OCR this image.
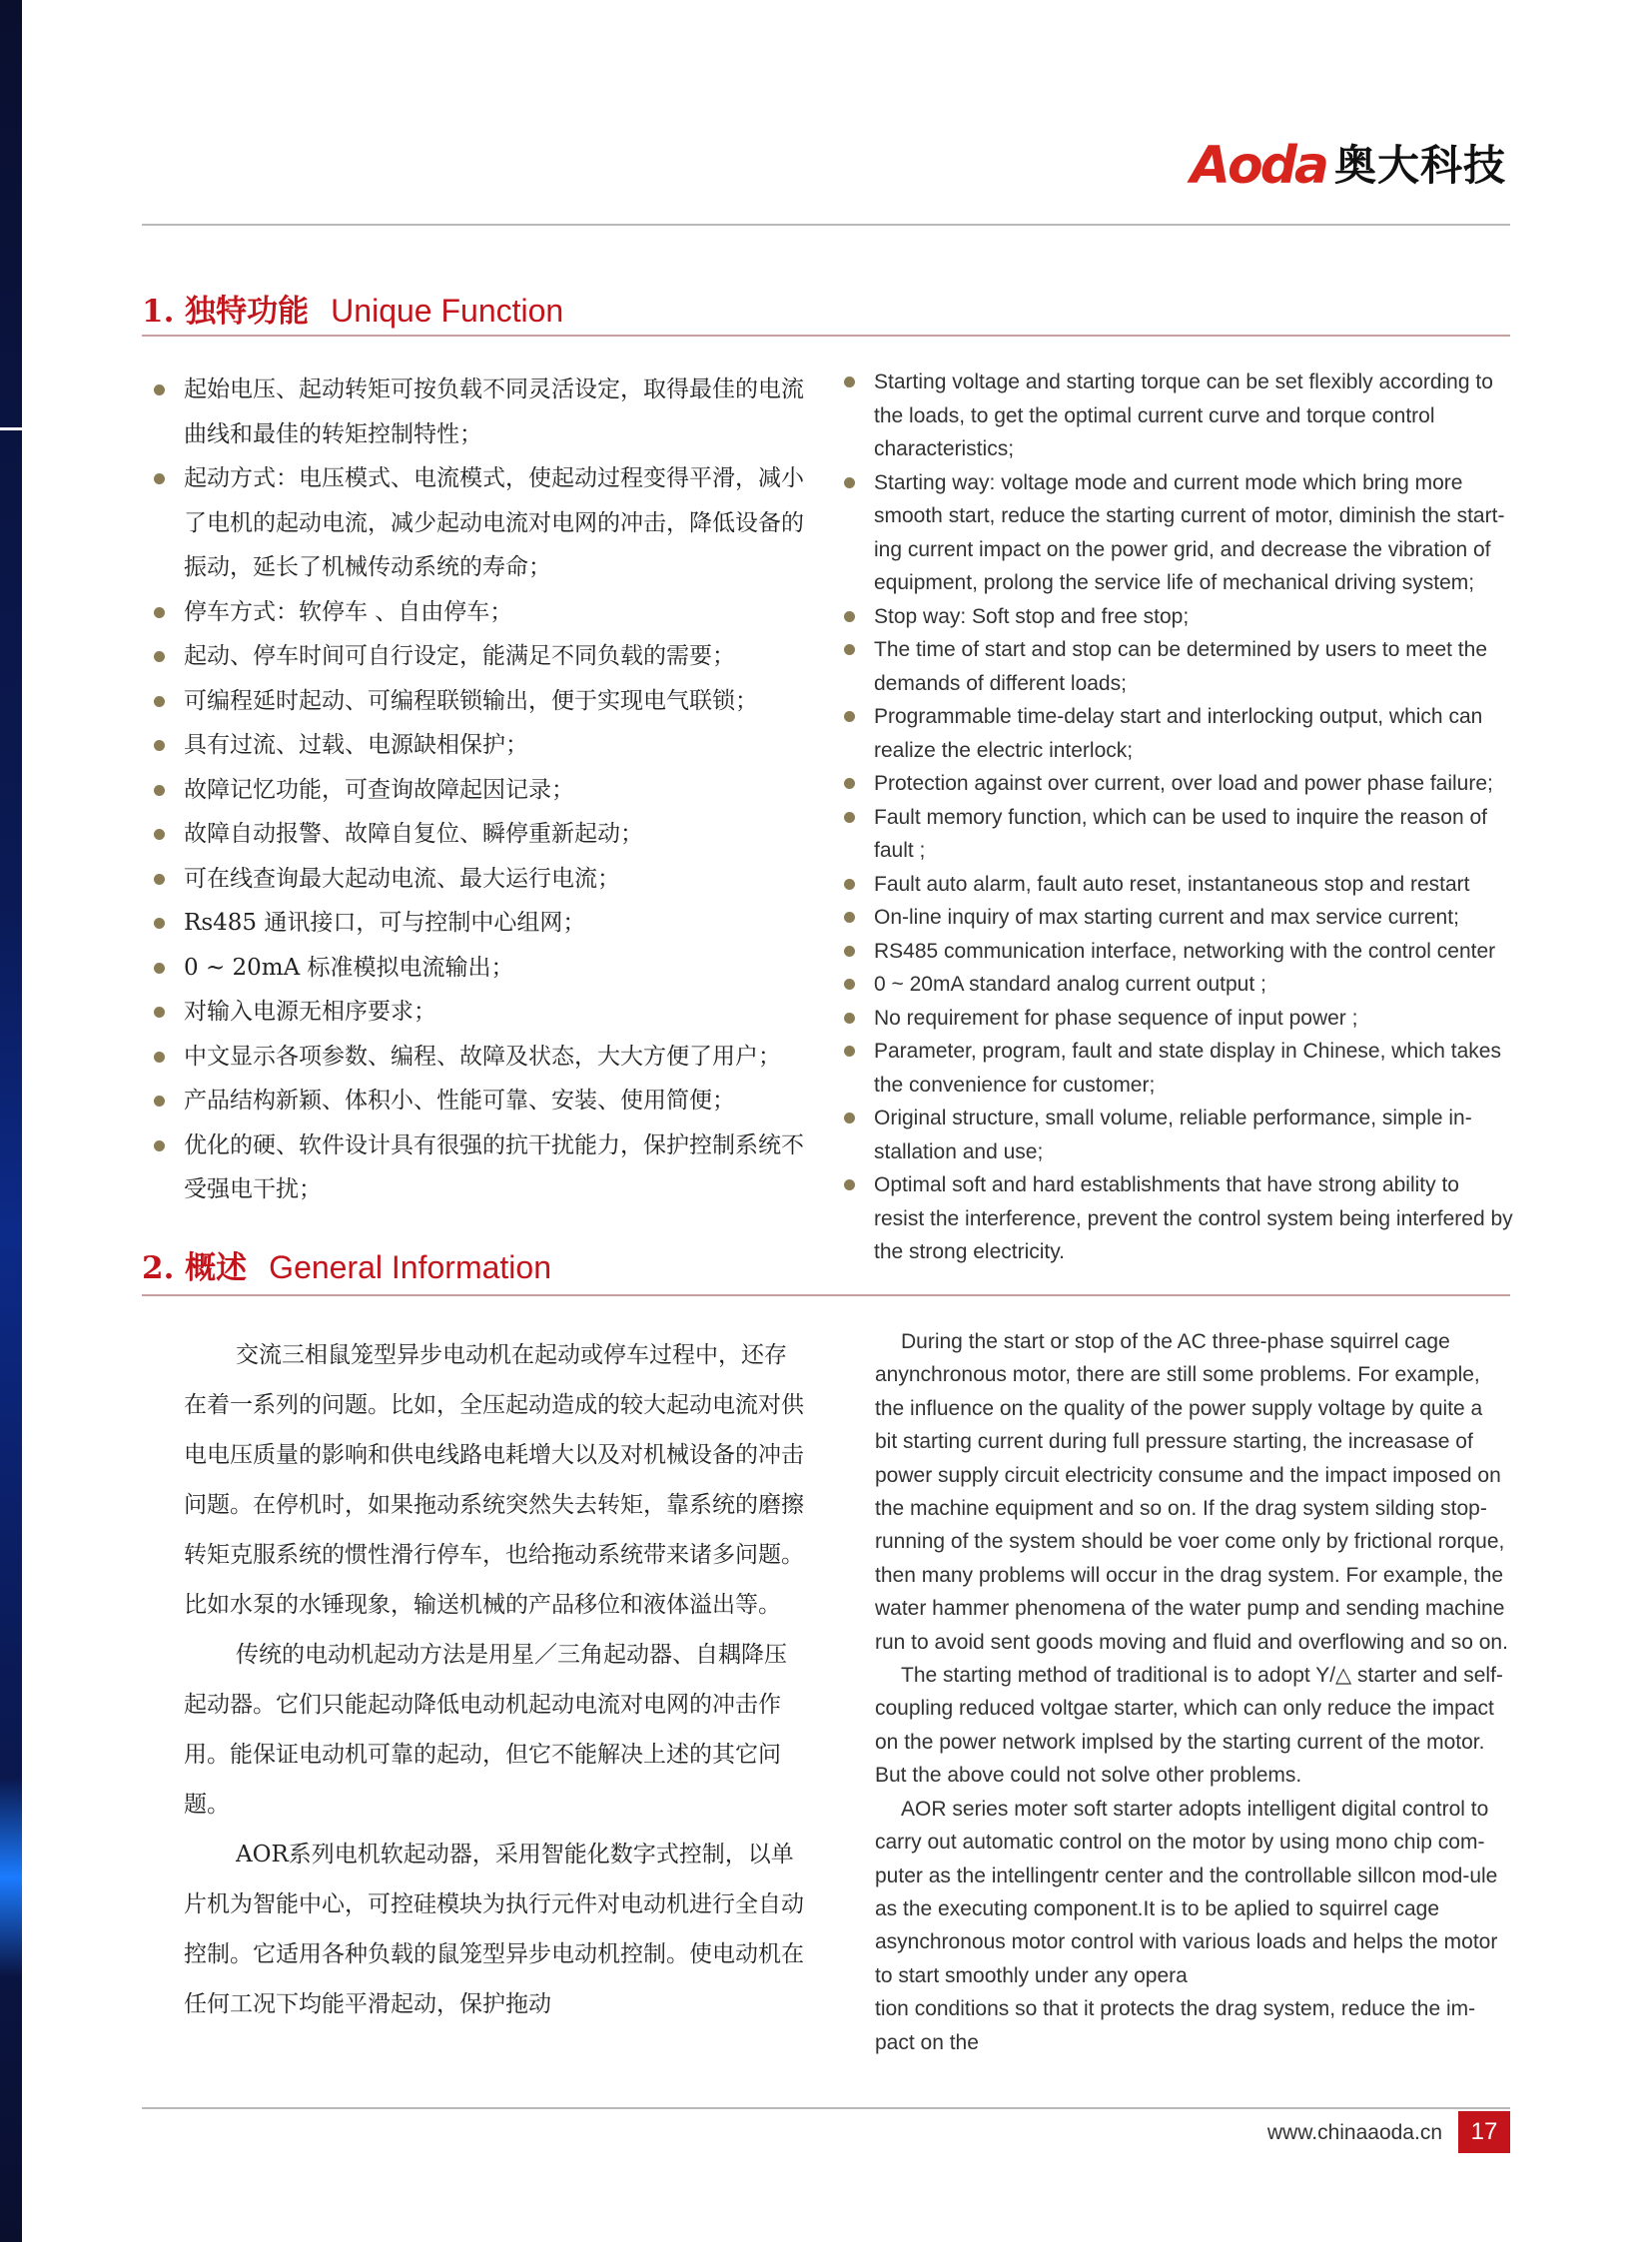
Aoda 奥大科技
1. 独特功能 Unique Function
起始电压、起动转矩可按负载不同灵活设定，取得最佳的电流曲线和最佳的转矩控制特性；
起动方式：电压模式、电流模式，使起动过程变得平滑，减小了电机的起动电流，减少起动电流对电网的冲击，降低设备的振动，延长了机械传动系统的寿命；
停车方式：软停车 、自由停车；
起动、停车时间可自行设定，能满足不同负载的需要；
可编程延时起动、可编程联锁输出，便于实现电气联锁；
具有过流、过载、电源缺相保护；
故障记忆功能，可查询故障起因记录；
故障自动报警、故障自复位、瞬停重新起动；
可在线查询最大起动电流、最大运行电流；
Rs485 通讯接口，可与控制中心组网；
0 ~ 20mA 标准模拟电流输出；
对输入电源无相序要求；
中文显示各项参数、编程、故障及状态，大大方便了用户；
产品结构新颖、体积小、性能可靠、安装、使用简便；
优化的硬、软件设计具有很强的抗干扰能力，保护控制系统不受强电干扰；
Starting voltage and starting torque can be set flexibly according to the loads, to get the optimal current curve and torque control characteristics;
Starting way: voltage mode and current mode which bring more smooth start, reduce the starting current of motor, diminish the start-ing current impact on the power grid, and decrease the vibration of equipment, prolong the service life of mechanical driving system;
Stop way: Soft stop and free stop;
The time of start and stop can be determined by users to meet the demands of different loads;
Programmable time-delay start and interlocking output, which can realize the electric interlock;
Protection against over current, over load and power phase failure;
Fault memory function, which can be used to inquire the reason of fault ;
Fault auto alarm, fault auto reset, instantaneous stop and restart
On-line inquiry of max starting current and max service current;
RS485 communication interface, networking with the control center
0 ~ 20mA standard analog current output ;
No requirement for phase sequence of input power ;
Parameter, program, fault and state display in Chinese, which takes the convenience for customer;
Original structure, small volume, reliable performance, simple in-stallation and use;
Optimal soft and hard establishments that have strong ability to resist the interference, prevent the control system being interfered by the strong electricity.
2. 概述 General Information

交流三相鼠笼型异步电动机在起动或停车过程中，还存在着一系列的问题。比如，全压起动造成的较大起动电流对供电电压质量的影响和供电线路电耗增大以及对机械设备的冲击问题。在停机时，如果拖动系统突然失去转矩，靠系统的磨擦转矩克服系统的惯性滑行停车，也给拖动系统带来诸多问题。比如水泵的水锤现象，输送机械的产品移位和液体溢出等。

传统的电动机起动方法是用星／三角起动器、自耦降压起动器。它们只能起动降低电动机起动电流对电网的冲击作用。能保证电动机可靠的起动，但它不能解决上述的其它问题。

AOR系列电机软起动器，采用智能化数字式控制，以单片机为智能中心，可控硅模块为执行元件对电动机进行全自动控制。它适用各种负载的鼠笼型异步电动机控制。使电动机在任何工况下均能平滑起动，保护拖动

During the start or stop of the AC three-phase squirrel cage anynchronous motor, there are still some problems. For example, the influence on the quality of the power supply voltage by quite a bit starting current during full pressure starting, the increasase of power supply circuit electricity consume and the impact imposed on the machine equipment and so on. If the drag system silding stop-running of the system should be voer come only by frictional rorque, then many problems will occur in the drag system. For example, the water hammer phenomena of the water pump and sending machine run to avoid sent goods moving and fluid and overflowing and so on.

The starting method of traditional is to adopt Y/△ starter and self-coupling reduced voltgae starter, which can only reduce the impact on the power network implsed by the starting current of the motor. But the above could not solve other problems.

AOR series moter soft starter adopts intelligent digital control to carry out automatic control on the motor by using mono chip com-puter as the intellingentr center and the controllable sillcon mod-ule as the executing component.It is to be aplied to squirrel cage asynchronous motor control with various loads and helps the motor to start smoothly under any opera

tion conditions so that it protects the drag system, reduce the im-pact on the

www.chinaaoda.cn	17
